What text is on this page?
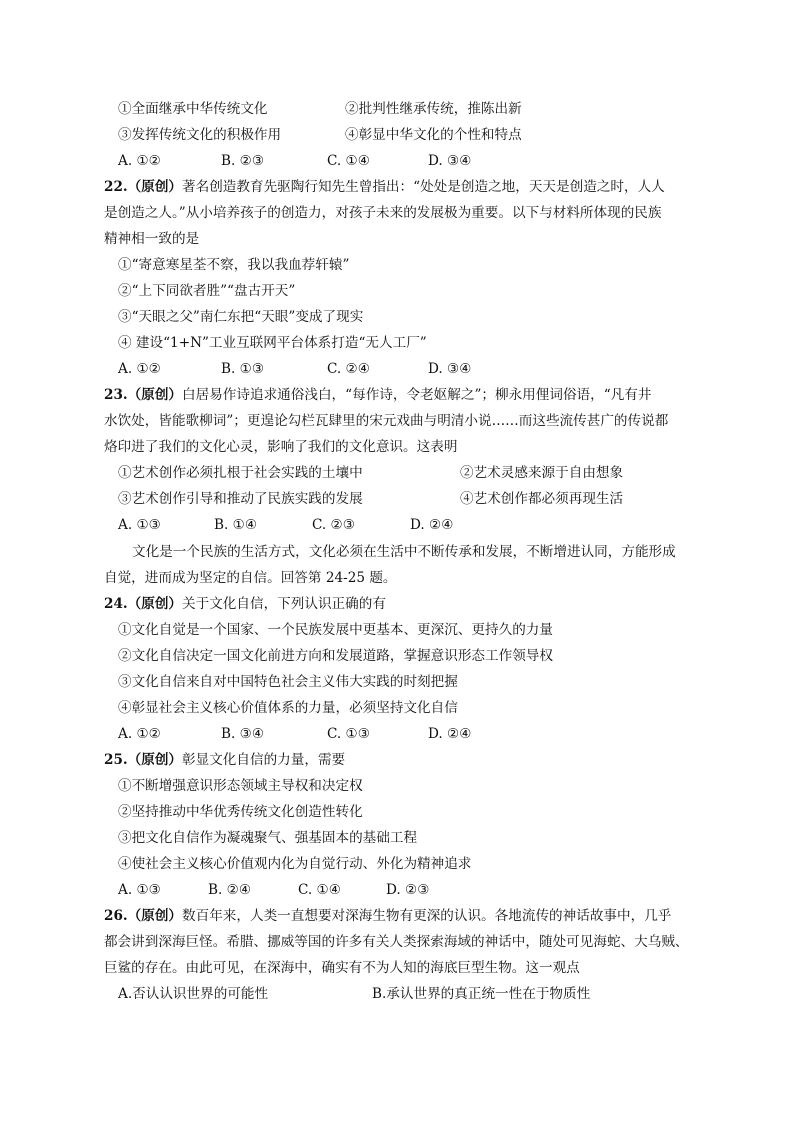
①全面继承中华传统文化	②批判性继承传统，推陈出新
③发挥传统文化的积极作用	④彰显中华文化的个性和特点
A. ①②	B. ②③	C. ①④	D. ③④
22.（原创）著名创造教育先驱陶行知先生曾指出：“处处是创造之地，天天是创造之时，人人
是创造之人。”从小培养孩子的创造力，对孩子未来的发展极为重要。以下与材料所体现的民族
精神相一致的是
①“寄意寒星荃不察，我以我血荐轩辕”
②“上下同欲者胜”“盘古开天”
③“天眼之父”南仁东把“天眼”变成了现实
④ 建设“1+N”工业互联网平台体系打造“无人工厂”
A. ①②	B. ①③	C. ②④	D. ③④
23.（原创）白居易作诗追求通俗浅白，“每作诗，令老妪解之”；柳永用俚词俗语，“凡有井
水饮处，皆能歌柳词”；更遑论勾栏瓦肆里的宋元戏曲与明清小说……而这些流传甚广的传说都
烙印进了我们的文化心灵，影响了我们的文化意识。这表明
①艺术创作必须扎根于社会实践的土壤中	②艺术灵感来源于自由想象
③艺术创作引导和推动了民族实践的发展	④艺术创作都必须再现生活
A. ①③	B. ①④	C. ②③	D. ②④
文化是一个民族的生活方式，文化必须在生活中不断传承和发展，不断增进认同，方能形成
自觉，进而成为坚定的自信。回答第 24-25 题。
24.（原创）关于文化自信，下列认识正确的有
①文化自觉是一个国家、一个民族发展中更基本、更深沉、更持久的力量
②文化自信决定一国文化前进方向和发展道路，掌握意识形态工作领导权
③文化自信来自对中国特色社会主义伟大实践的时刻把握
④彰显社会主义核心价值体系的力量，必须坚持文化自信
A. ①②	B. ③④	C. ①③	D. ②④
25.（原创）彰显文化自信的力量，需要
①不断增强意识形态领域主导权和决定权
②坚持推动中华优秀传统文化创造性转化
③把文化自信作为凝魂聚气、强基固本的基础工程
④使社会主义核心价值观内化为自觉行动、外化为精神追求
A. ①③	B. ②④	C. ①④	D. ②③
26.（原创）数百年来，人类一直想要对深海生物有更深的认识。各地流传的神话故事中，几乎
都会讲到深海巨怪。希腊、挪威等国的许多有关人类探索海域的神话中，随处可见海蛇、大乌贼、
巨鲨的存在。由此可见，在深海中，确实有不为人知的海底巨型生物。这一观点
A.否认认识世界的可能性	B.承认世界的真正统一性在于物质性
